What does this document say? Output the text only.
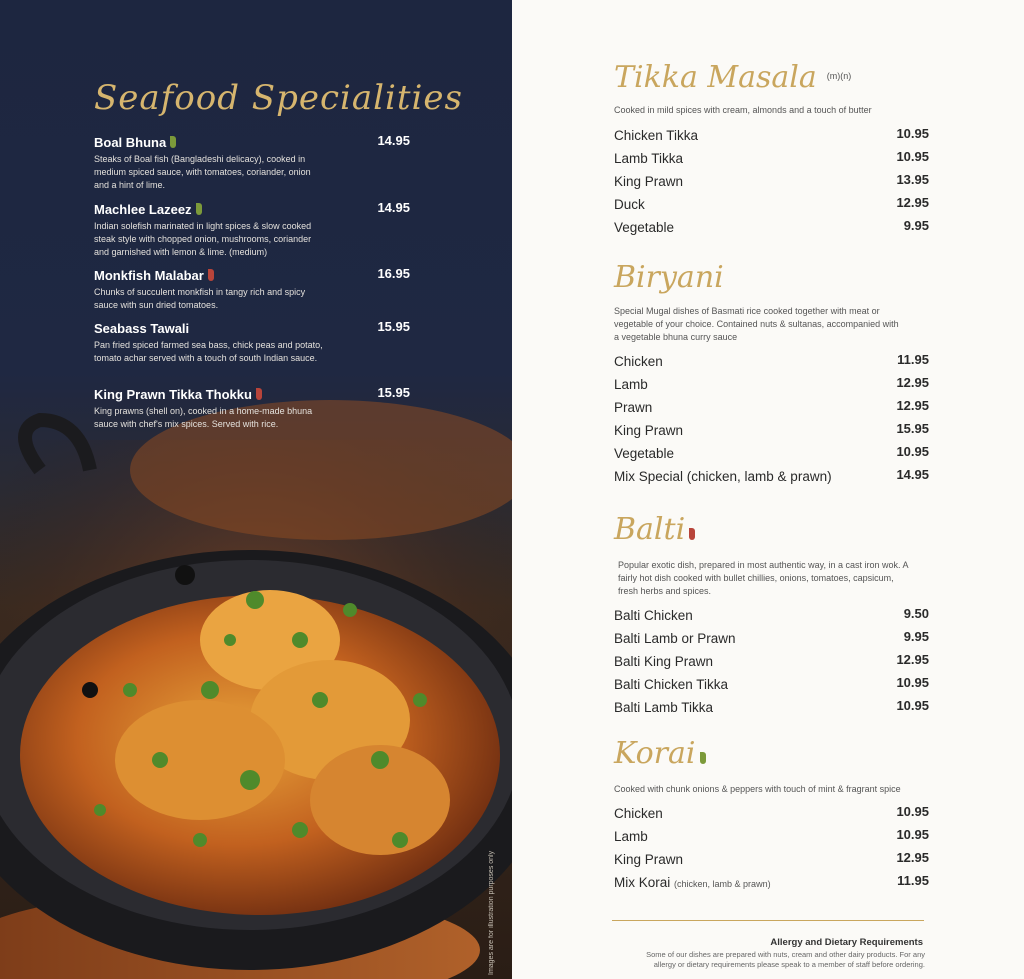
Seafood Specialities
Boal Bhuna	14.95
Steaks of Boal fish (Bangladeshi delicacy), cooked in medium spiced sauce, with tomatoes, coriander, onion and a hint of lime.
Machlee Lazeez	14.95
Indian solefish marinated in light spices & slow cooked steak style with chopped onion, mushrooms, coriander and garnished with lemon & lime. (medium)
Monkfish Malabar	16.95
Chunks of succulent monkfish in tangy rich and spicy sauce with sun dried tomatoes.
Seabass Tawali	15.95
Pan fried spiced farmed sea bass, chick peas and potato, tomato achar served with a touch of south Indian sauce.
King Prawn Tikka Thokku	15.95
King prawns (shell on), cooked in a home-made bhuna sauce with chef's mix spices. Served with rice.
Images are for illustration purposes only
Tikka Masala $^{(m)(n)}$
Cooked in mild spices with cream, almonds and a touch of butter
Chicken Tikka	10.95
Lamb Tikka	10.95
King Prawn	13.95
Duck	12.95
Vegetable	9.95
Biryani
Special Mugal dishes of Basmati rice cooked together with meat or vegetable of your choice. Contained nuts & sultanas, accompanied with a vegetable bhuna curry sauce
Chicken	11.95
Lamb	12.95
Prawn	12.95
King Prawn	15.95
Vegetable	10.95
Mix Special (chicken, lamb & prawn)	14.95
Balti
Popular exotic dish, prepared in most authentic way, in a cast iron wok. A fairly hot dish cooked with bullet chillies, onions, tomatoes, capsicum, fresh herbs and spices.
Balti Chicken	9.50
Balti Lamb or Prawn	9.95
Balti King Prawn	12.95
Balti Chicken Tikka	10.95
Balti Lamb Tikka	10.95
Korai
Cooked with chunk onions & peppers with touch of mint & fragrant spice
Chicken	10.95
Lamb	10.95
King Prawn	12.95
Mix Korai (chicken, lamb & prawn)	11.95
Allergy and Dietary Requirements
Some of our dishes are prepared with nuts, cream and other dairy products. For any allergy or dietary requirements please speak to a member of staff before ordering.
